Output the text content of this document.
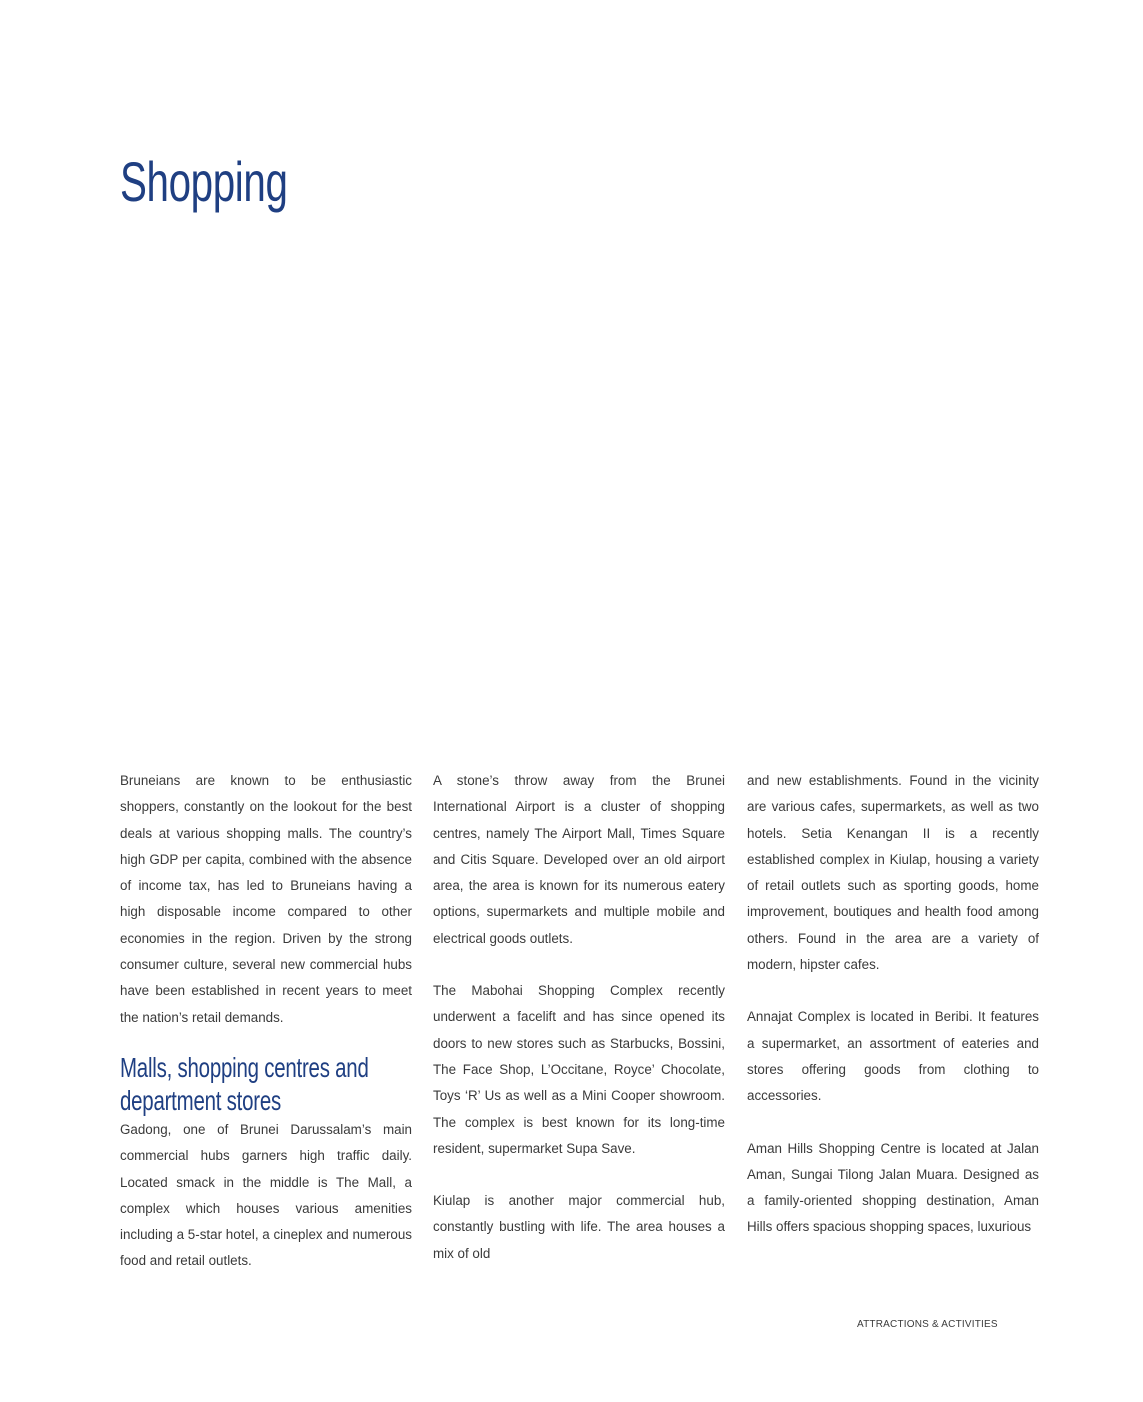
Shopping

Bruneians are known to be enthusiastic shoppers, constantly on the lookout for the best deals at various shopping malls. The country’s high GDP per capita, combined with the absence of income tax, has led to Bruneians having a high disposable income compared to other economies in the region. Driven by the strong consumer culture, several new commercial hubs have been established in recent years to meet the nation’s retail demands.

Malls, shopping centres and department stores

Gadong, one of Brunei Darussalam’s main commercial hubs garners high traffic daily. Located smack in the middle is The Mall, a complex which houses various amenities including a 5-star hotel, a cineplex and numerous food and retail outlets.

A stone’s throw away from the Brunei International Airport is a cluster of shopping centres, namely The Airport Mall, Times Square and Citis Square. Developed over an old airport area, the area is known for its numerous eatery options, supermarkets and multiple mobile and electrical goods outlets.

The Mabohai Shopping Complex recently underwent a facelift and has since opened its doors to new stores such as Starbucks, Bossini, The Face Shop, L’Occitane, Royce’ Chocolate, Toys ‘R’ Us as well as a Mini Cooper showroom. The complex is best known for its long-time resident, supermarket Supa Save.

Kiulap is another major commercial hub, constantly bustling with life. The area houses a mix of old

and new establishments. Found in the vicinity are various cafes, supermarkets, as well as two hotels. Setia Kenangan II is a recently established complex in Kiulap, housing a variety of retail outlets such as sporting goods, home improvement, boutiques and health food among others. Found in the area are a variety of modern, hipster cafes.

Annajat Complex is located in Beribi. It features a supermarket, an assortment of eateries and stores offering goods from clothing to accessories.

Aman Hills Shopping Centre is located at Jalan Aman, Sungai Tilong Jalan Muara. Designed as a family-oriented shopping destination, Aman Hills offers spacious shopping spaces, luxurious

ATTRACTIONS & ACTIVITIES
